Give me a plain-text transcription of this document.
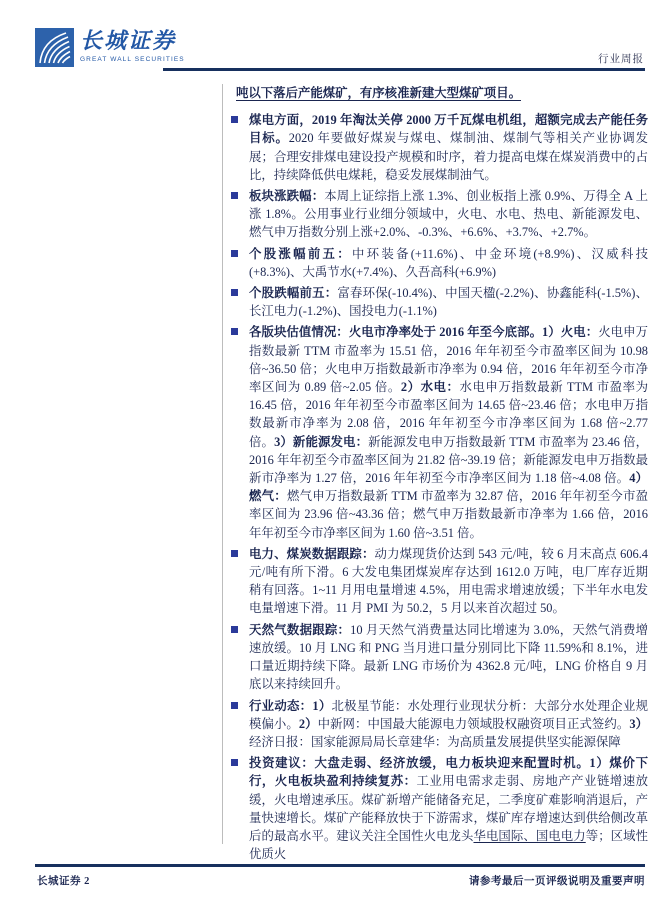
长城证券
GREAT WALL SECURITIES	行业周报
吨以下落后产能煤矿，有序核准新建大型煤矿项目。
煤电方面，2019 年淘汰关停 2000 万千瓦煤电机组，超额完成去产能任务目标。2020 年要做好煤炭与煤电、煤制油、煤制气等相关产业协调发展；合理安排煤电建设投产规模和时序，着力提高电煤在煤炭消费中的占比，持续降低供电煤耗，稳妥发展煤制油气。
板块涨跌幅：本周上证综指上涨 1.3%、创业板指上涨 0.9%、万得全 A 上涨 1.8%。公用事业行业细分领域中，火电、水电、热电、新能源发电、燃气申万指数分别上涨+2.0%、-0.3%、+6.6%、+3.7%、+2.7%。
个股涨幅前五：中环装备(+11.6%)、中金环境(+8.9%)、汉威科技(+8.3%)、大禹节水(+7.4%)、久吾高科(+6.9%)
个股跌幅前五：富春环保(-10.4%)、中国天楹(-2.2%)、协鑫能科(-1.5%)、长江电力(-1.2%)、国投电力(-1.1%)
各版块估值情况：火电市净率处于 2016 年至今底部。1）火电：火电申万指数最新 TTM 市盈率为 15.51 倍，2016 年年初至今市盈率区间为 10.98 倍~36.50 倍；火电申万指数最新市净率为 0.94 倍，2016 年年初至今市净率区间为 0.89 倍~2.05 倍。2）水电：水电申万指数最新 TTM 市盈率为 16.45 倍，2016 年年初至今市盈率区间为 14.65 倍~23.46 倍；水电申万指数最新市净率为 2.08 倍，2016 年年初至今市净率区间为 1.68 倍~2.77 倍。3）新能源发电：新能源发电申万指数最新 TTM 市盈率为 23.46 倍，2016 年年初至今市盈率区间为 21.82 倍~39.19 倍；新能源发电申万指数最新市净率为 1.27 倍，2016 年年初至今市净率区间为 1.18 倍~4.08 倍。4）燃气：燃气申万指数最新 TTM 市盈率为 32.87 倍，2016 年年初至今市盈率区间为 23.96 倍~43.36 倍；燃气申万指数最新市净率为 1.66 倍，2016 年年初至今市净率区间为 1.60 倍~3.51 倍。
电力、煤炭数据跟踪：动力煤现货价达到 543 元/吨，较 6 月末高点 606.4 元/吨有所下滑。6 大发电集团煤炭库存达到 1612.0 万吨，电厂库存近期稍有回落。1~11 月用电量增速 4.5%，用电需求增速放缓；下半年水电发电量增速下滑。11 月 PMI 为 50.2，5 月以来首次超过 50。
天然气数据跟踪：10 月天然气消费量达同比增速为 3.0%，天然气消费增速放缓。10 月 LNG 和 PNG 当月进口量分别同比下降 11.59%和 8.1%，进口量近期持续下降。最新 LNG 市场价为 4362.8 元/吨，LNG 价格自 9 月底以来持续回升。
行业动态：1）北极星节能：水处理行业现状分析：大部分水处理企业规模偏小。2）中新网：中国最大能源电力领域股权融资项目正式签约。3）经济日报：国家能源局局长章建华：为高质量发展提供坚实能源保障
投资建议：大盘走弱、经济放缓，电力板块迎来配置时机。1）煤价下行，火电板块盈利持续复苏：工业用电需求走弱、房地产产业链增速放缓，火电增速承压。煤矿新增产能储备充足，二季度矿难影响消退后，产量快速增长。煤矿产能释放快于下游需求，煤矿库存增速达到供给侧改革后的最高水平。建议关注全国性火电龙头华电国际、国电电力等；区域性优质火
长城证券 2	请参考最后一页评级说明及重要声明
